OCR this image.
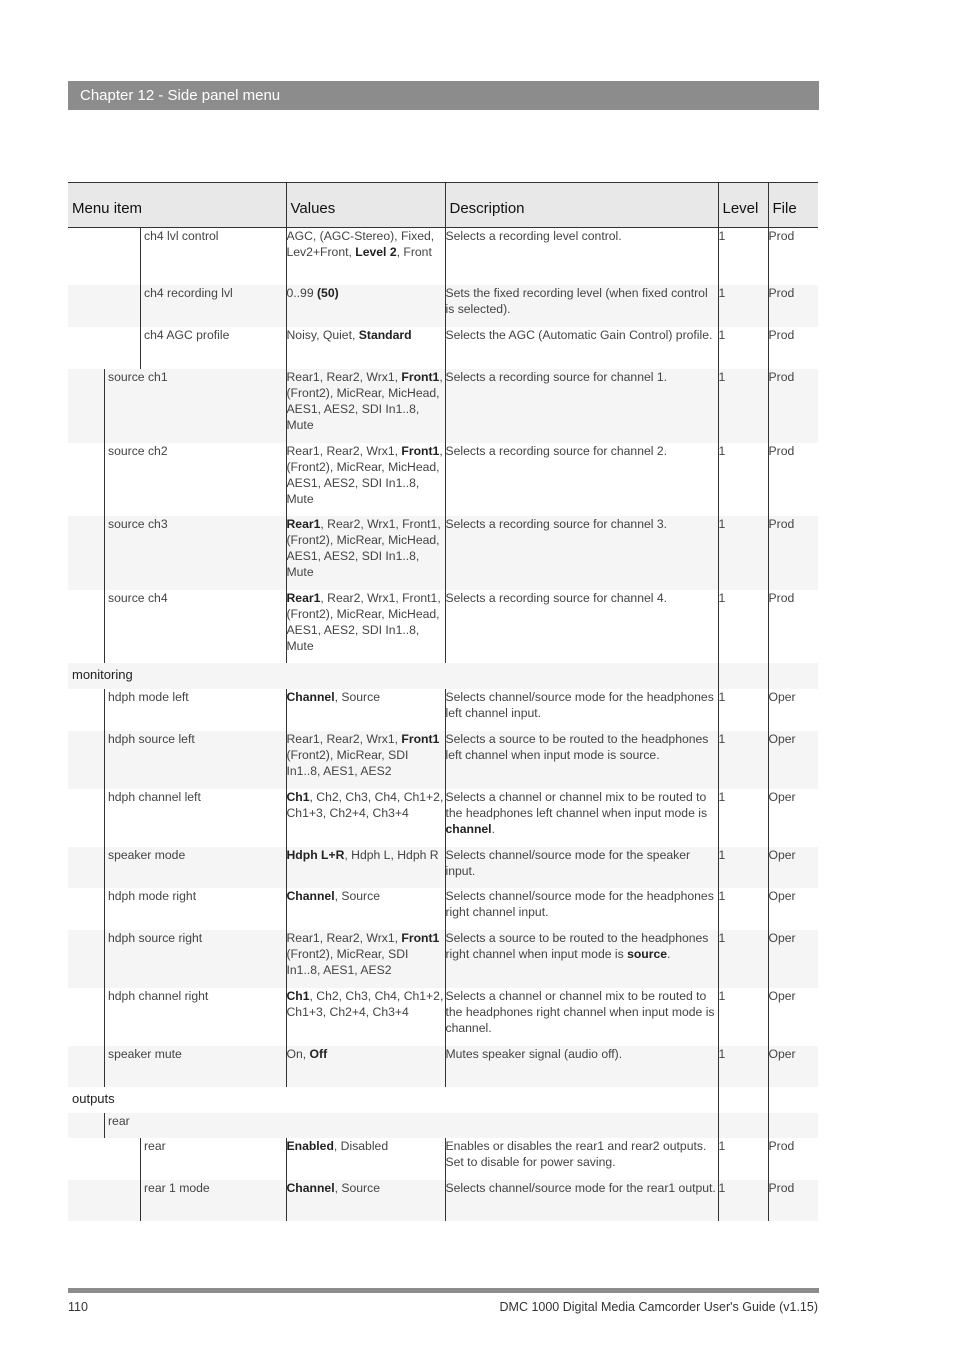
Chapter 12 - Side panel menu
Menu item	Values	Description	Level	File

ch4 lvl control	AGC, (AGC-Stereo), Fixed, Lev2+Front, Level 2, Front	Selects a recording level control.	1	Prod

ch4 recording lvl	0..99 (50)	Sets the fixed recording level (when fixed control is selected).	1	Prod

ch4 AGC profile	Noisy, Quiet, Standard	Selects the AGC (Automatic Gain Control) profile.	1	Prod

source ch1	Rear1, Rear2, Wrx1, Front1, (Front2), MicRear, MicHead, AES1, AES2, SDI In1..8, Mute	Selects a recording source for channel 1.	1	Prod

source ch2	Rear1, Rear2, Wrx1, Front1, (Front2), MicRear, MicHead, AES1, AES2, SDI In1..8, Mute	Selects a recording source for channel 2.	1	Prod

source ch3	Rear1, Rear2, Wrx1, Front1, (Front2), MicRear, MicHead, AES1, AES2, SDI In1..8, Mute	Selects a recording source for channel 3.	1	Prod

source ch4	Rear1, Rear2, Wrx1, Front1, (Front2), MicRear, MicHead, AES1, AES2, SDI In1..8, Mute	Selects a recording source for channel 4.	1	Prod

monitoring				

hdph mode left	Channel, Source	Selects channel/source mode for the headphones left channel input.	1	Oper

hdph source left	Rear1, Rear2, Wrx1, Front1 (Front2), MicRear, SDI In1..8, AES1, AES2	Selects a source to be routed to the headphones left channel when input mode is source.	1	Oper

hdph channel left	Ch1, Ch2, Ch3, Ch4, Ch1+2, Ch1+3, Ch2+4, Ch3+4	Selects a channel or channel mix to be routed to the headphones left channel when input mode is channel.	1	Oper

speaker mode	Hdph L+R, Hdph L, Hdph R	Selects channel/source mode for the speaker input.	1	Oper

hdph mode right	Channel, Source	Selects channel/source mode for the headphones right channel input.	1	Oper

hdph source right	Rear1, Rear2, Wrx1, Front1 (Front2), MicRear, SDI In1..8, AES1, AES2	Selects a source to be routed to the headphones right channel when input mode is source.	1	Oper

hdph channel right	Ch1, Ch2, Ch3, Ch4, Ch1+2, Ch1+3, Ch2+4, Ch3+4	Selects a channel or channel mix to be routed to the headphones right channel when input mode is channel.	1	Oper

speaker mute	On, Off	Mutes speaker signal (audio off).	1	Oper

outputs				

rear				

rear	Enabled, Disabled	Enables or disables the rear1 and rear2 outputs. Set to disable for power saving.	1	Prod

rear 1 mode	Channel, Source	Selects channel/source mode for the rear1 output.	1	Prod
110	DMC 1000 Digital Media Camcorder User's Guide (v1.15)
